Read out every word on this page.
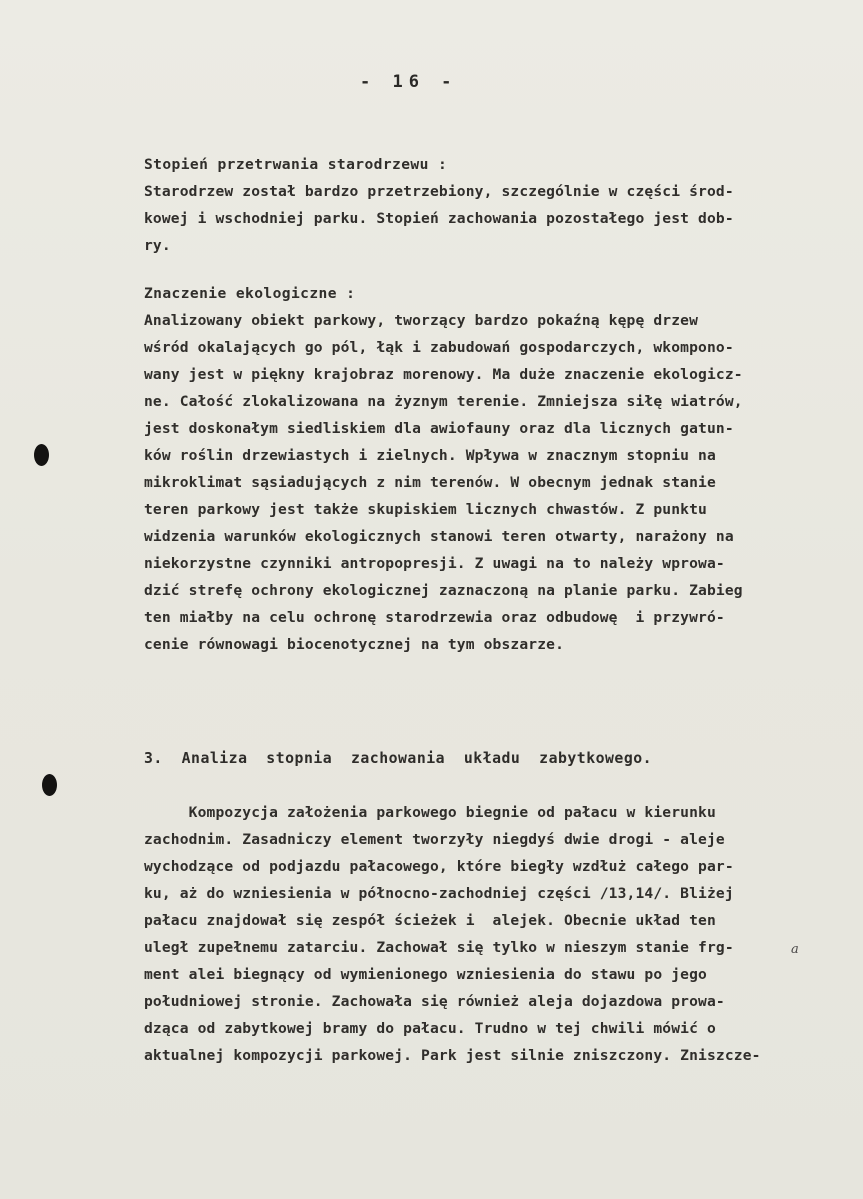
- 16 -
Stopień przetrwania starodrzewu :
Starodrzew został bardzo przetrzebiony, szczególnie w części środ-
kowej i wschodniej parku. Stopień zachowania pozostałego jest dob-
ry.
Znaczenie ekologiczne :
Analizowany obiekt parkowy, tworzący bardzo pokaźną kępę drzew
wśród okalających go pól, łąk i zabudowań gospodarczych, wkompono-
wany jest w piękny krajobraz morenowy. Ma duże znaczenie ekologicz-
ne. Całość zlokalizowana na żyznym terenie. Zmniejsza siłę wiatrów,
jest doskonałym siedliskiem dla awiofauny oraz dla licznych gatun-
ków roślin drzewiastych i zielnych. Wpływa w znacznym stopniu na
mikroklimat sąsiadujących z nim terenów. W obecnym jednak stanie
teren parkowy jest także skupiskiem licznych chwastów. Z punktu
widzenia warunków ekologicznych stanowi teren otwarty, narażony na
niekorzystne czynniki antropopresji. Z uwagi na to należy wprowa-
dzić strefę ochrony ekologicznej zaznaczoną na planie parku. Zabieg
ten miałby na celu ochronę starodrzewia oraz odbudowę  i przywró-
cenie równowagi biocenotycznej na tym obszarze.
3.  Analiza  stopnia  zachowania  układu  zabytkowego.
Kompozycja założenia parkowego biegnie od pałacu w kierunku
zachodnim. Zasadniczy element tworzyły niegdyś dwie drogi - aleje
wychodzące od podjazdu pałacowego, które biegły wzdłuż całego par-
ku, aż do wzniesienia w północno-zachodniej części /13,14/. Bliżej
pałacu znajdował się zespół ścieżek i  alejek. Obecnie układ ten
uległ zupełnemu zatarciu. Zachował się tylko w nieszym stanie frg-
ment alei biegnący od wymienionego wzniesienia do stawu po jego
południowej stronie. Zachowała się również aleja dojazdowa prowa-
dząca od zabytkowej bramy do pałacu. Trudno w tej chwili mówić o
aktualnej kompozycji parkowej. Park jest silnie zniszczony. Zniszcze-
a
